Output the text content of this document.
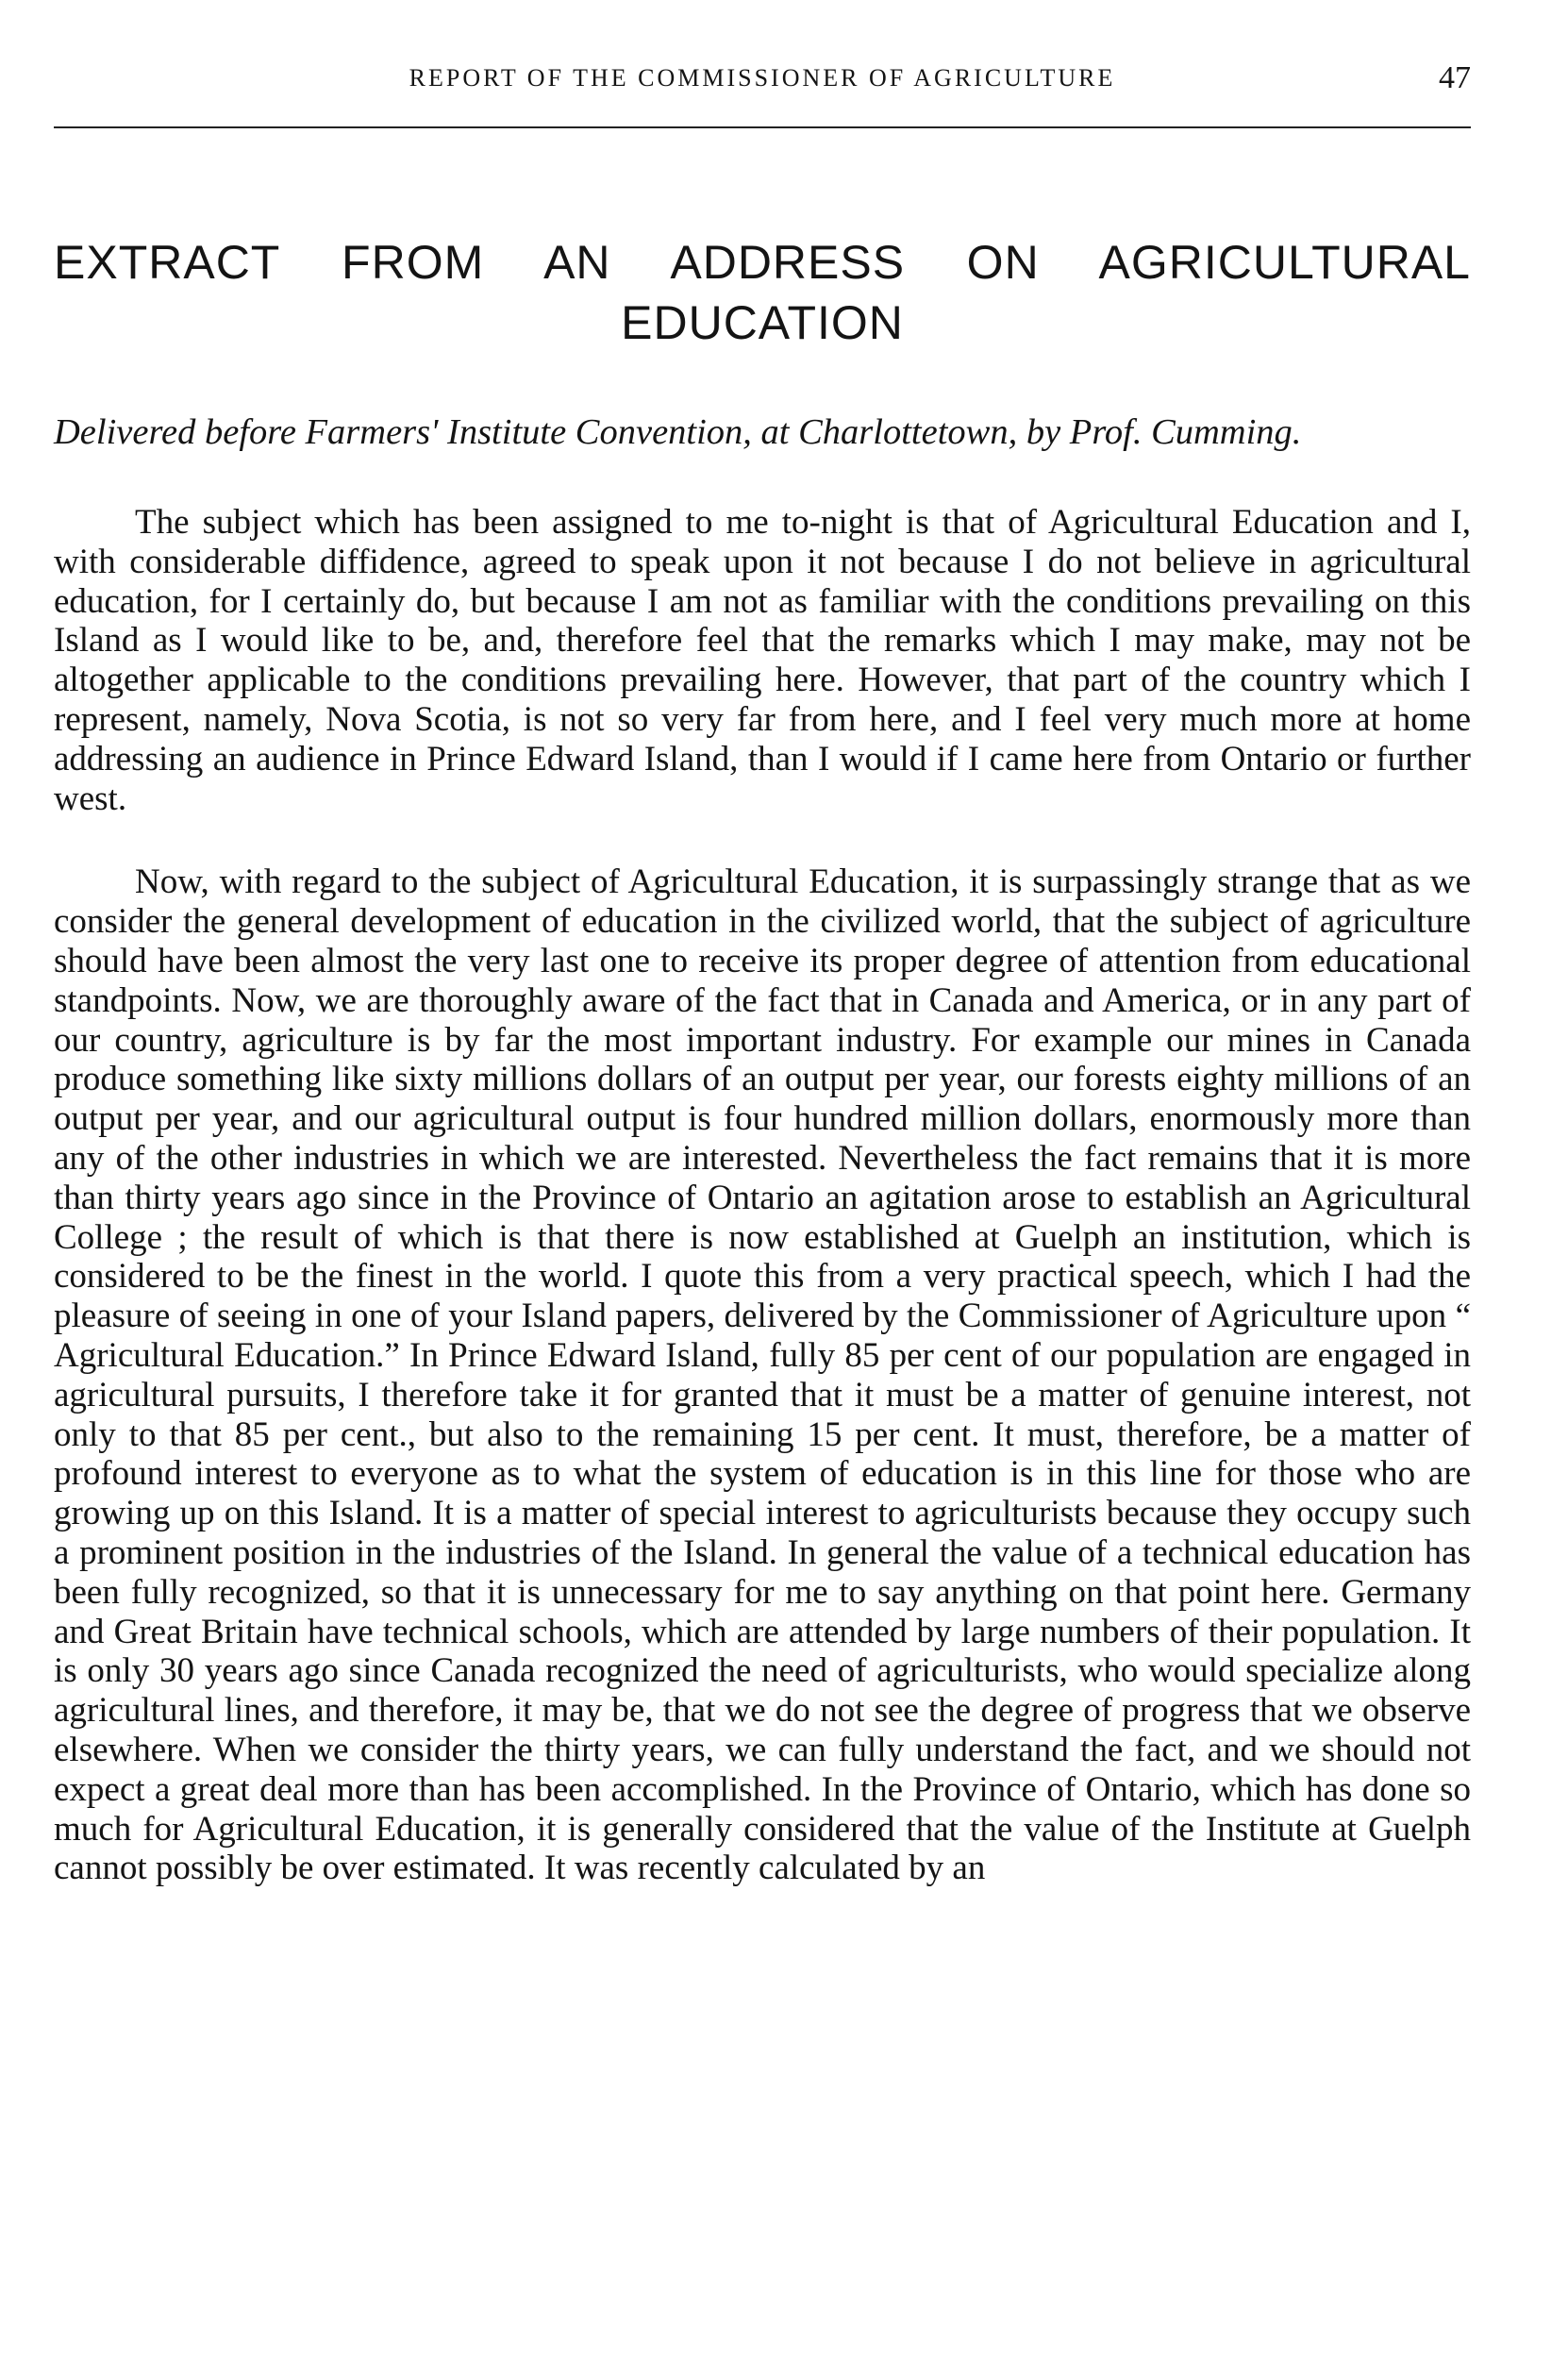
REPORT OF THE COMMISSIONER OF AGRICULTURE	47
EXTRACT FROM AN ADDRESS ON AGRICULTURAL
EDUCATION

Delivered before Farmers' Institute Convention, at Charlottetown, by Prof. Cumming.

The subject which has been assigned to me to-night is that of Agricultural Education and I, with considerable diffidence, agreed to speak upon it not because I do not believe in agricultural education, for I certainly do, but because I am not as familiar with the conditions prevailing on this Island as I would like to be, and, therefore feel that the remarks which I may make, may not be altogether applicable to the conditions prevailing here. However, that part of the country which I represent, namely, Nova Scotia, is not so very far from here, and I feel very much more at home addressing an audience in Prince Edward Island, than I would if I came here from Ontario or further west.

Now, with regard to the subject of Agricultural Education, it is surpassingly strange that as we consider the general development of education in the civilized world, that the subject of agriculture should have been almost the very last one to receive its proper degree of attention from educational standpoints. Now, we are thoroughly aware of the fact that in Canada and America, or in any part of our country, agriculture is by far the most important industry. For example our mines in Canada produce something like sixty millions dollars of an output per year, our forests eighty millions of an output per year, and our agricultural output is four hundred million dollars, enormously more than any of the other industries in which we are interested. Nevertheless the fact remains that it is more than thirty years ago since in the Province of Ontario an agitation arose to establish an Agricultural College ; the result of which is that there is now established at Guelph an institution, which is considered to be the finest in the world. I quote this from a very practical speech, which I had the pleasure of seeing in one of your Island papers, delivered by the Commissioner of Agriculture upon “ Agricultural Education.” In Prince Edward Island, fully 85 per cent of our population are engaged in agricultural pursuits, I therefore take it for granted that it must be a matter of genuine interest, not only to that 85 per cent., but also to the remaining 15 per cent. It must, therefore, be a matter of profound interest to everyone as to what the system of education is in this line for those who are growing up on this Island. It is a matter of special interest to agriculturists because they occupy such a prominent position in the industries of the Island. In general the value of a technical education has been fully recognized, so that it is unnecessary for me to say anything on that point here. Germany and Great Britain have technical schools, which are attended by large numbers of their population. It is only 30 years ago since Canada recognized the need of agriculturists, who would specialize along agricultural lines, and therefore, it may be, that we do not see the degree of progress that we observe elsewhere. When we consider the thirty years, we can fully understand the fact, and we should not expect a great deal more than has been accomplished. In the Province of Ontario, which has done so much for Agricultural Education, it is generally considered that the value of the Institute at Guelph cannot possibly be over estimated. It was recently calculated by an
